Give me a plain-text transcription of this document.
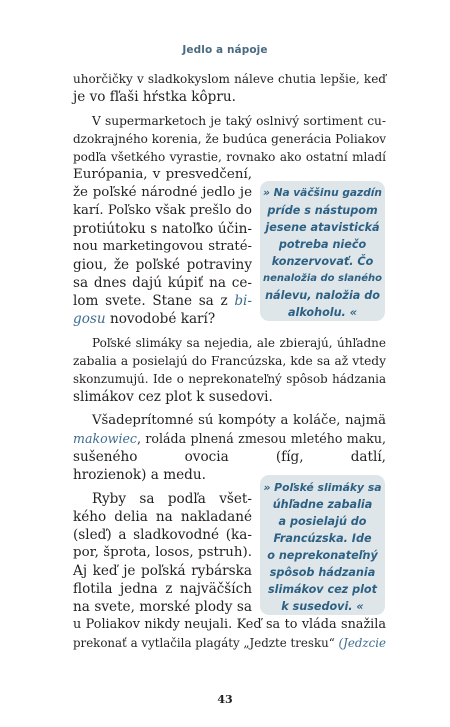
Jedlo a nápoje
uhorčičky v sladkokyslom náleve chutia lepšie, keď
je vo fľaši hŕstka kôpru.
V supermarketoch je taký oslnivý sortiment cu-
dzokrajného korenia, že budúca generácia Poliakov
podľa všetkého vyrastie, rovnako ako ostatní mladí
Európania, v presvedčení,
že poľské národné jedlo je
karí. Poľsko však prešlo do
protiútoku s natoľko účin-
nou marketingovou straté-
giou, že poľské potraviny
sa dnes dajú kúpiť na ce-
lom svete. Stane sa z bi-
gosu novodobé karí?
Poľské slimáky sa nejedia, ale zbierajú, úhľadne
zabalia a posielajú do Francúzska, kde sa až vtedy
skonzumujú. Ide o neprekonateľný spôsob hádzania
slimákov cez plot k susedovi.
Všadeprítomné sú kompóty a koláče, najmä
makowiec, roláda plnená zmesou mletého maku,
sušeného ovocia (fíg, datlí,
hrozienok) a medu.
Ryby sa podľa všet-
kého delia na nakladané
(sleď) a sladkovodné (ka-
por, šprota, losos, pstruh).
Aj keď je poľská rybárska
flotila jedna z najväčších
na svete, morské plody sa
u Poliakov nikdy neujali. Keď sa to vláda snažila
prekonať a vytlačila plagáty „Jedzte tresku“ (Jedzcie
» Na väčšinu gazdín
príde s nástupom
jesene atavistická
potreba niečo
konzervovať. Čo
nenaložia do slaného
nálevu, naložia do
alkoholu. «
» Poľské slimáky sa
úhľadne zabalia
a posielajú do
Francúzska. Ide
o neprekonateľný
spôsob hádzania
slimákov cez plot
k susedovi. «
43
